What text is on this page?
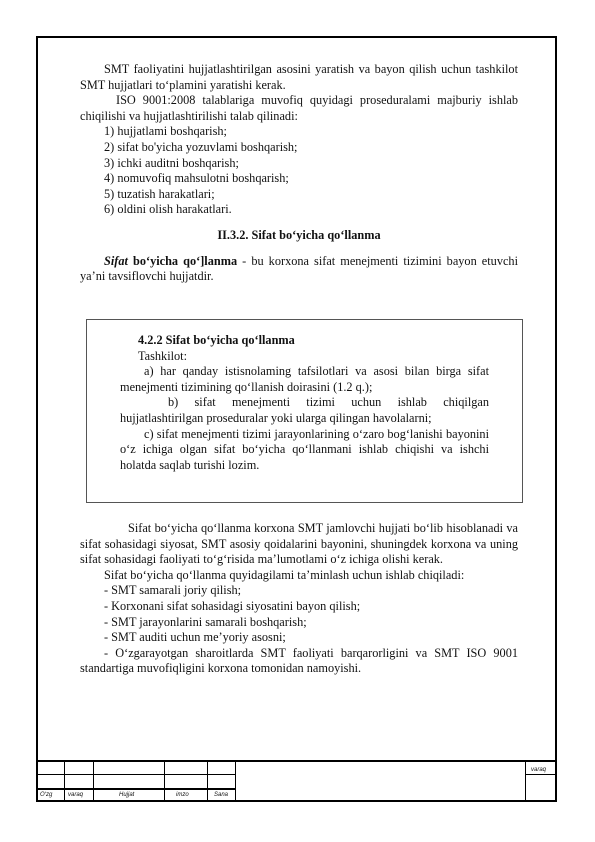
SMT faoliyatini hujjatlashtirilgan asosini yaratish va bayon qilish uchun tashkilot SMT hujjatlari to‘plamini yaratishi kerak.

ISO 9001:2008 talablariga muvofiq quyidagi proseduralami majburiy ishlab chiqilishi va hujjatlashtirilishi talab qilinadi:

1) hujjatlami boshqarish;

2) sifat bo'yicha yozuvlami boshqarish;

3) ichki auditni boshqarish;

4) nomuvofiq mahsulotni boshqarish;

5) tuzatish harakatlari;

6) oldini olish harakatlari.

II.3.2. Sifat bo‘yicha qo‘llanma

Sifat bo‘yicha qo‘]lanma - bu korxona sifat menejmenti tizimini bayon etuvchi ya’ni tavsiflovchi hujjatdir.

4.2.2 Sifat bo‘yicha qo‘llanma

Tashkilot:

a) har qanday istisnolaming tafsilotlari va asosi bilan birga sifat menejmenti tizimining qo‘llanish doirasini (1.2 q.);

b) sifat menejmenti tizimi uchun ishlab chiqilgan hujjatlashtirilgan proseduralar yoki ularga qilingan havolalarni;

c) sifat menejmenti tizimi jarayonlarining o‘zaro bog‘lanishi bayonini o‘z ichiga olgan sifat bo‘yicha qo‘llanmani ishlab chiqishi va ishchi holatda saqlab turishi lozim.

Sifat bo‘yicha qo‘llanma korxona SMT jamlovchi hujjati bo‘lib hisoblanadi va sifat sohasidagi siyosat, SMT asosiy qoidalarini bayonini, shuningdek korxona va uning sifat sohasidagi faoliyati to‘g‘risida ma’lumotlami o‘z ichiga olishi kerak.

Sifat bo‘yicha qo‘llanma quyidagilami ta’minlash uchun ishlab chiqiladi:

- SMT samarali joriy qilish;

- Korxonani sifat sohasidagi siyosatini bayon qilish;

- SMT jarayonlarini samarali boshqarish;

- SMT auditi uchun me’yoriy asosni;

- O‘zgarayotgan sharoitlarda SMT faoliyati barqarorligini va SMT ISO 9001 standartiga muvofiqligini korxona tomonidan namoyishi.

O‘zg	varaq	Hujjat	imzo	Sana
varaq
